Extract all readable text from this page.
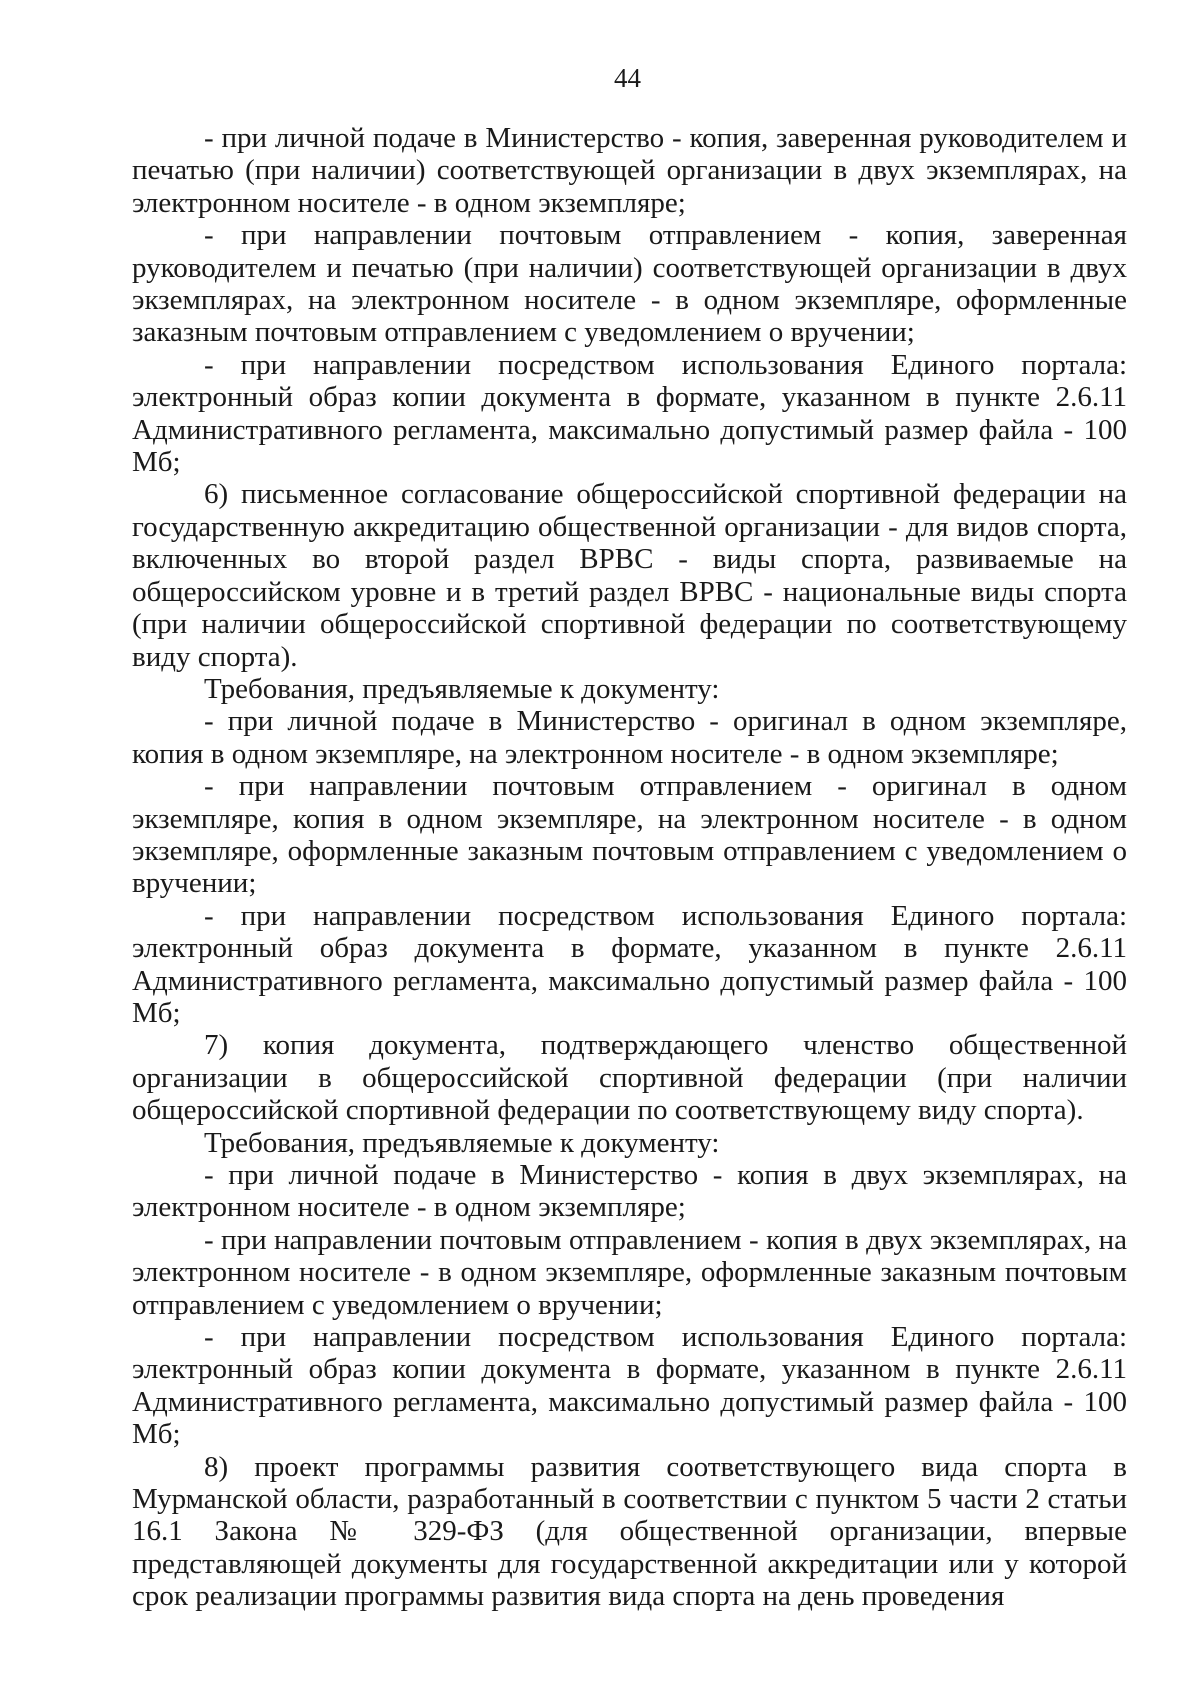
44

- при личной подаче в Министерство - копия, заверенная руководителем и печатью (при наличии) соответствующей организации в двух экземплярах, на электронном носителе - в одном экземпляре;

- при направлении почтовым отправлением - копия, заверенная руководителем и печатью (при наличии) соответствующей организации в двух экземплярах, на электронном носителе - в одном экземпляре, оформленные заказным почтовым отправлением с уведомлением о вручении;

- при направлении посредством использования Единого портала: электронный образ копии документа в формате, указанном в пункте 2.6.11 Административного регламента, максимально допустимый размер файла - 100 Мб;

6) письменное согласование общероссийской спортивной федерации на государственную аккредитацию общественной организации - для видов спорта, включенных во второй раздел ВРВС - виды спорта, развиваемые на общероссийском уровне и в третий раздел ВРВС - национальные виды спорта (при наличии общероссийской спортивной федерации по соответствующему виду спорта).

Требования, предъявляемые к документу:

- при личной подаче в Министерство - оригинал в одном экземпляре, копия в одном экземпляре, на электронном носителе - в одном экземпляре;

- при направлении почтовым отправлением - оригинал в одном экземпляре, копия в одном экземпляре, на электронном носителе - в одном экземпляре, оформленные заказным почтовым отправлением с уведомлением о вручении;

- при направлении посредством использования Единого портала: электронный образ документа в формате, указанном в пункте 2.6.11 Административного регламента, максимально допустимый размер файла - 100 Мб;

7) копия документа, подтверждающего членство общественной организации в общероссийской спортивной федерации (при наличии общероссийской спортивной федерации по соответствующему виду спорта).

Требования, предъявляемые к документу:

- при личной подаче в Министерство - копия в двух экземплярах, на электронном носителе - в одном экземпляре;

- при направлении почтовым отправлением - копия в двух экземплярах, на электронном носителе - в одном экземпляре, оформленные заказным почтовым отправлением с уведомлением о вручении;

- при направлении посредством использования Единого портала: электронный образ копии документа в формате, указанном в пункте 2.6.11 Административного регламента, максимально допустимый размер файла - 100 Мб;

8) проект программы развития соответствующего вида спорта в Мурманской области, разработанный в соответствии с пунктом 5 части 2 статьи 16.1 Закона № 329-ФЗ (для общественной организации, впервые представляющей документы для государственной аккредитации или у которой срок реализации программы развития вида спорта на день проведения
